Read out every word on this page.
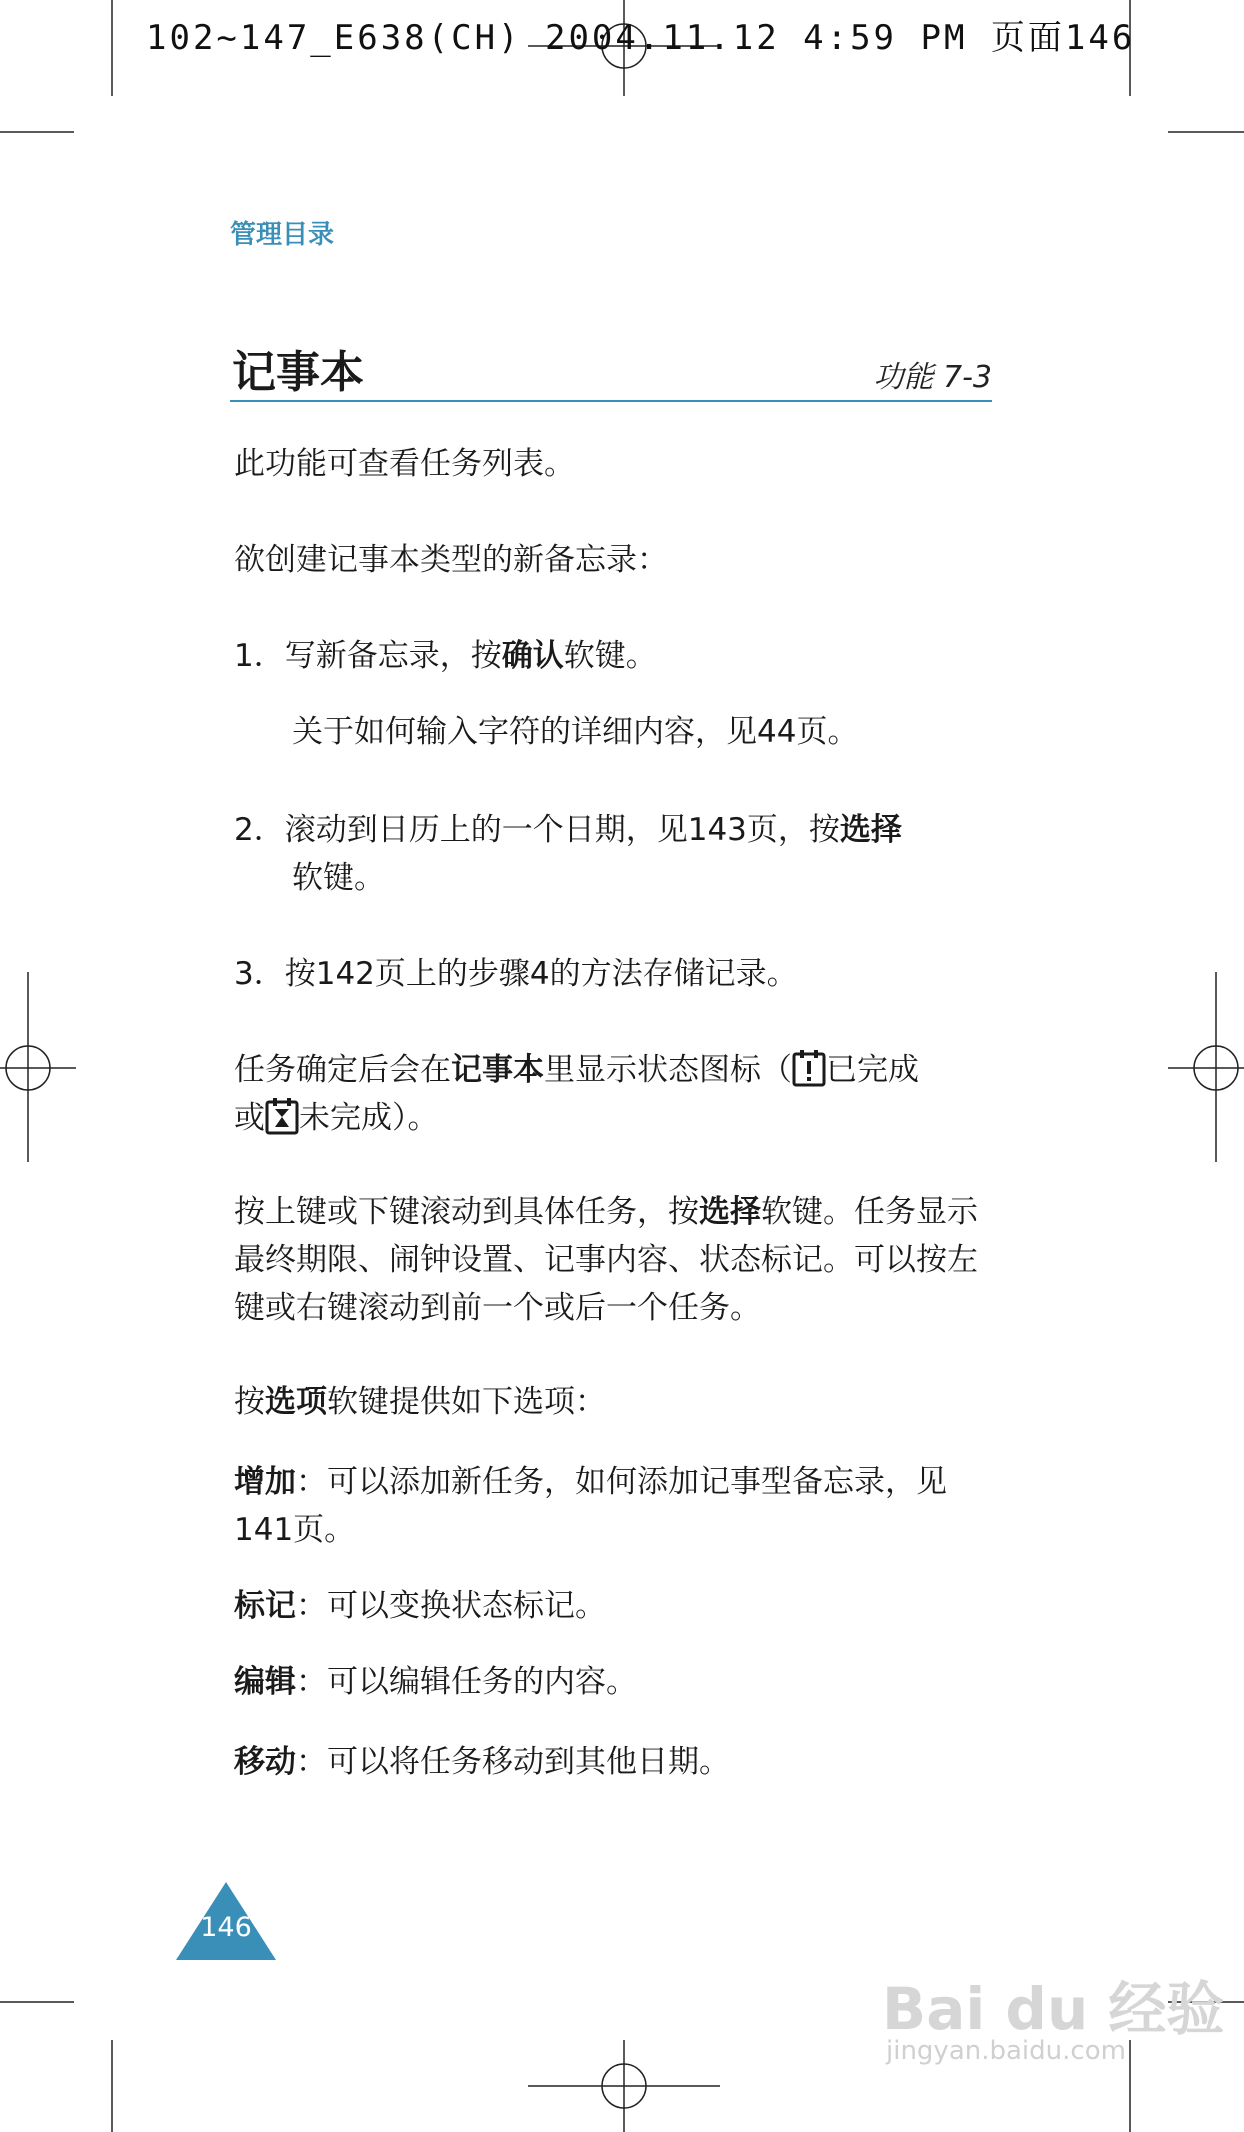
102~147_E638(CH) 2004.11.12 4:59 PM 页面146
管理目录
记事本	功能 7-3
此功能可查看任务列表。
欲创建记事本类型的新备忘录：
1．写新备忘录，按确认软键。
关于如何输入字符的详细内容，见44页。
2．滚动到日历上的一个日期，见143页，按选择
软键。
3．按142页上的步骤4的方法存储记录。
任务确定后会在记事本里显示状态图标（ 已完成
或 未完成）。
按上键或下键滚动到具体任务，按选择软键。任务显示最终期限、闹钟设置、记事内容、状态标记。可以按左键或右键滚动到前一个或后一个任务。
按选项软键提供如下选项：
增加：可以添加新任务，如何添加记事型备忘录，见141页。
标记：可以变换状态标记。
编辑：可以编辑任务的内容。
移动：可以将任务移动到其他日期。
146
Bai du 经验
jingyan.baidu.com
